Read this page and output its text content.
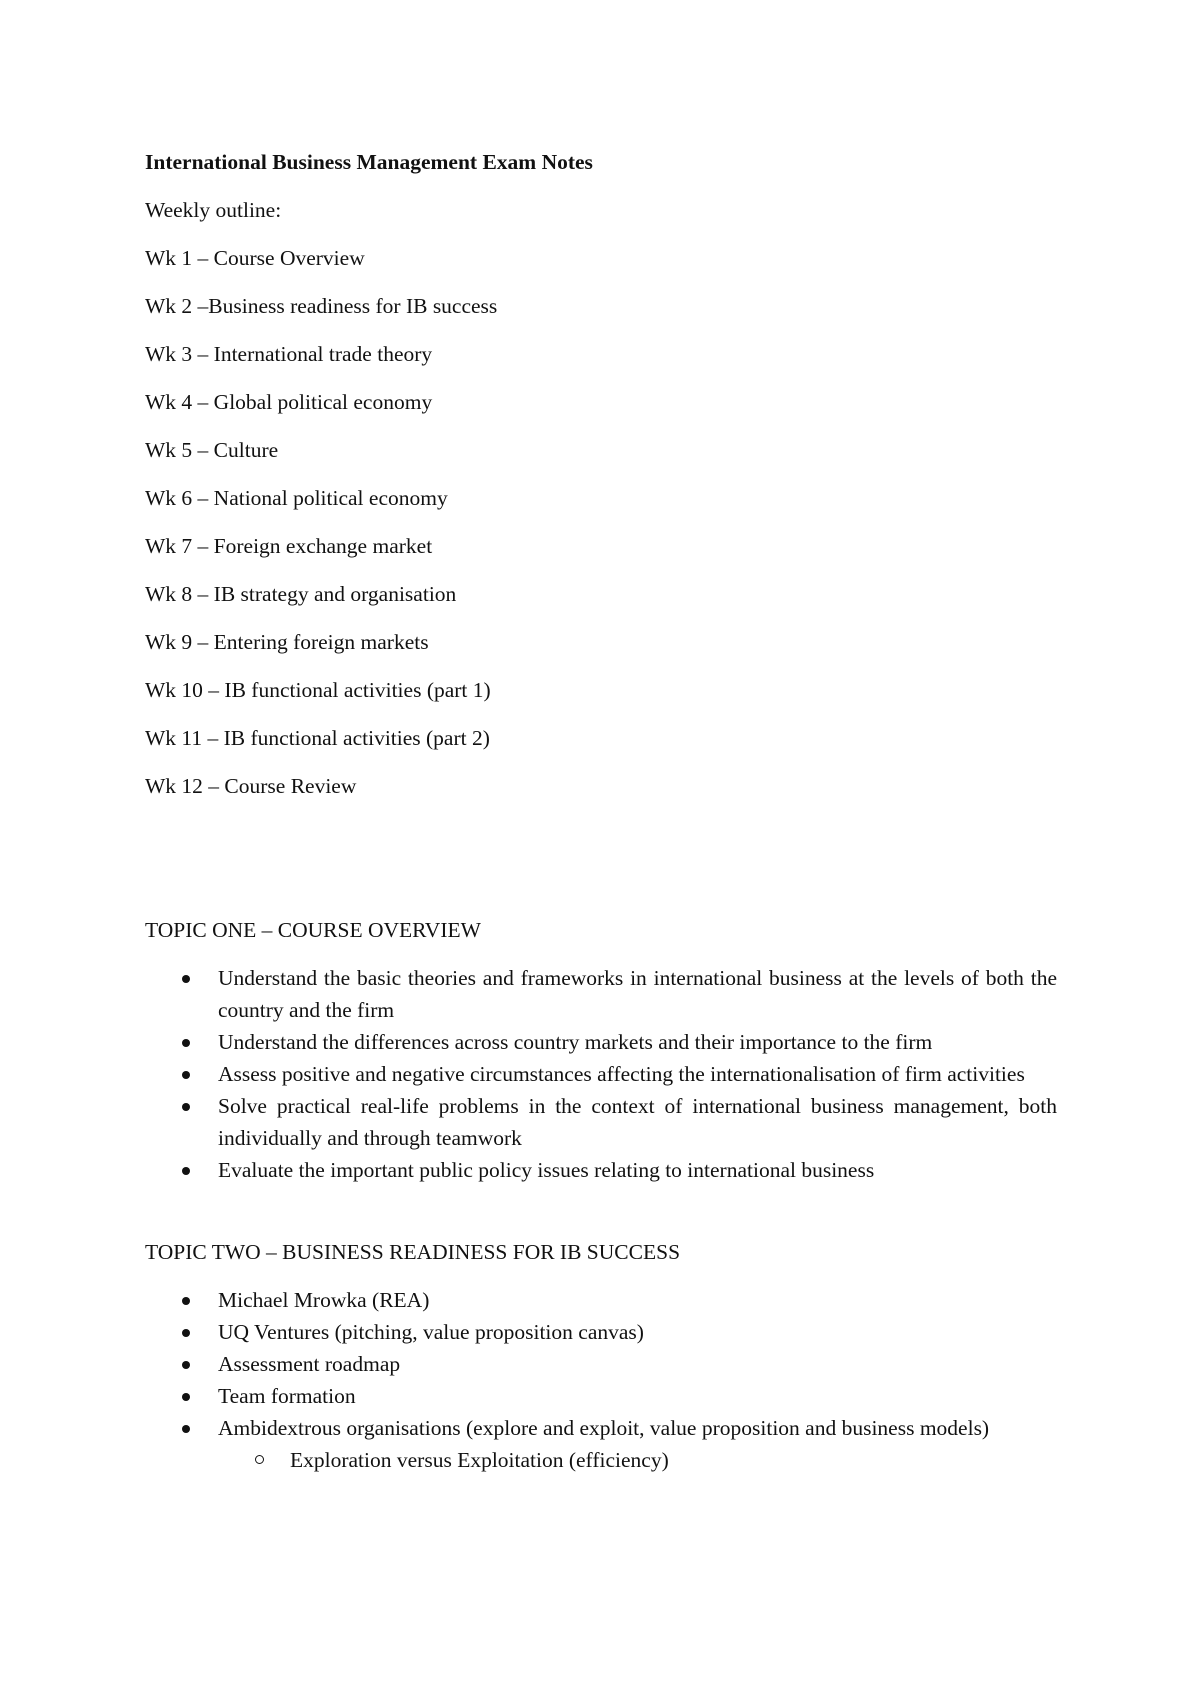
International Business Management Exam Notes
Weekly outline:
Wk 1 – Course Overview
Wk 2 –Business readiness for IB success
Wk 3 – International trade theory
Wk 4 – Global political economy
Wk 5 – Culture
Wk 6 – National political economy
Wk 7 – Foreign exchange market
Wk 8 – IB strategy and organisation
Wk 9 – Entering foreign markets
Wk 10 – IB functional activities (part 1)
Wk 11 – IB functional activities (part 2)
Wk 12 – Course Review
TOPIC ONE – COURSE OVERVIEW
Understand the basic theories and frameworks in international business at the levels of both the country and the firm
Understand the differences across country markets and their importance to the firm
Assess positive and negative circumstances affecting the internationalisation of firm activities
Solve practical real-life problems in the context of international business management, both individually and through teamwork
Evaluate the important public policy issues relating to international business
TOPIC TWO – BUSINESS READINESS FOR IB SUCCESS
Michael Mrowka (REA)
UQ Ventures (pitching, value proposition canvas)
Assessment roadmap
Team formation
Ambidextrous organisations (explore and exploit, value proposition and business models)
Exploration versus Exploitation (efficiency)
